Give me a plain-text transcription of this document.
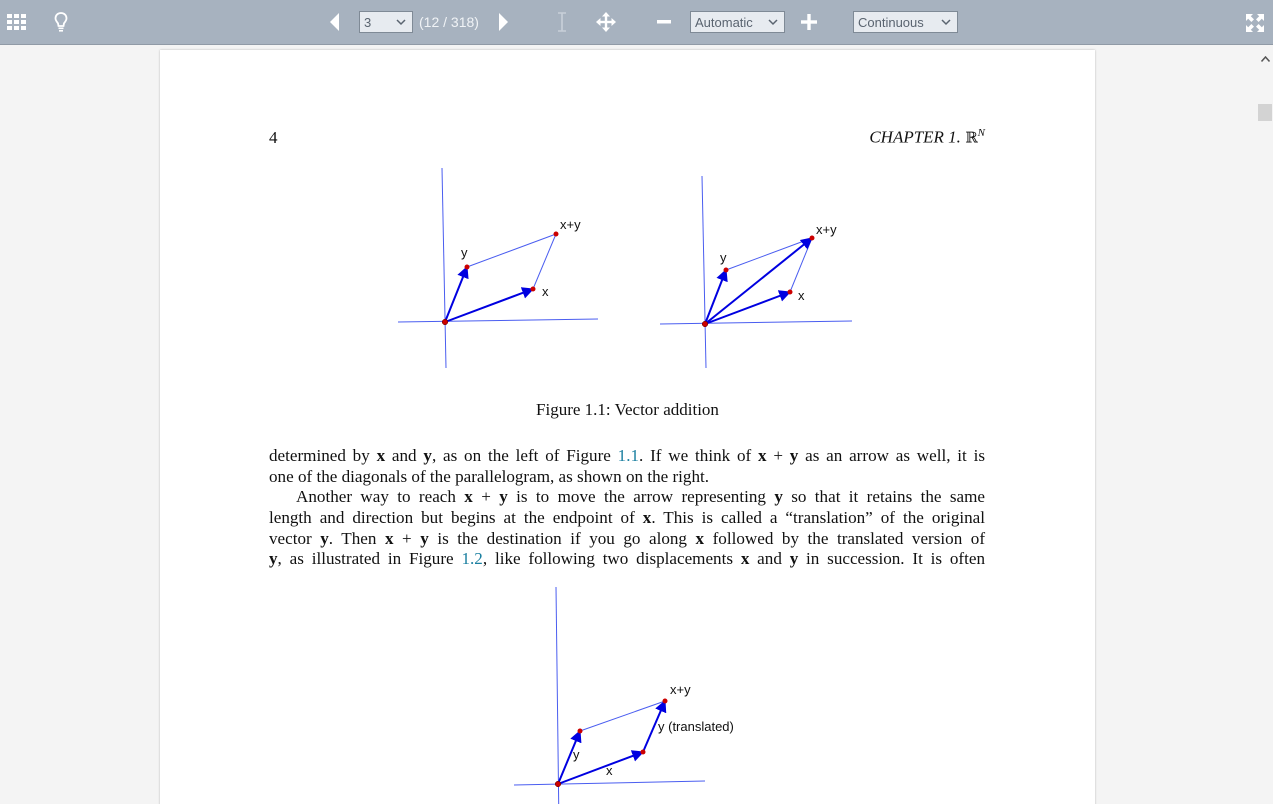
3	(12 / 318)	Automatic	Continuous
4	CHAPTER 1. ℝ$^N$
x
y
x+y
x
y
x+y
Figure 1.1: Vector addition
determined by x and y, as on the left of Figure 1.1. If we think of x + y as an arrow as well, it is
one of the diagonals of the parallelogram, as shown on the right.
Another way to reach x + y is to move the arrow representing y so that it retains the same
length and direction but begins at the endpoint of x. This is called a “translation” of the original
vector y. Then x + y is the destination if you go along x followed by the translated version of
y, as illustrated in Figure 1.2, like following two displacements x and y in succession. It is often
x
y
x+y
y (translated)
